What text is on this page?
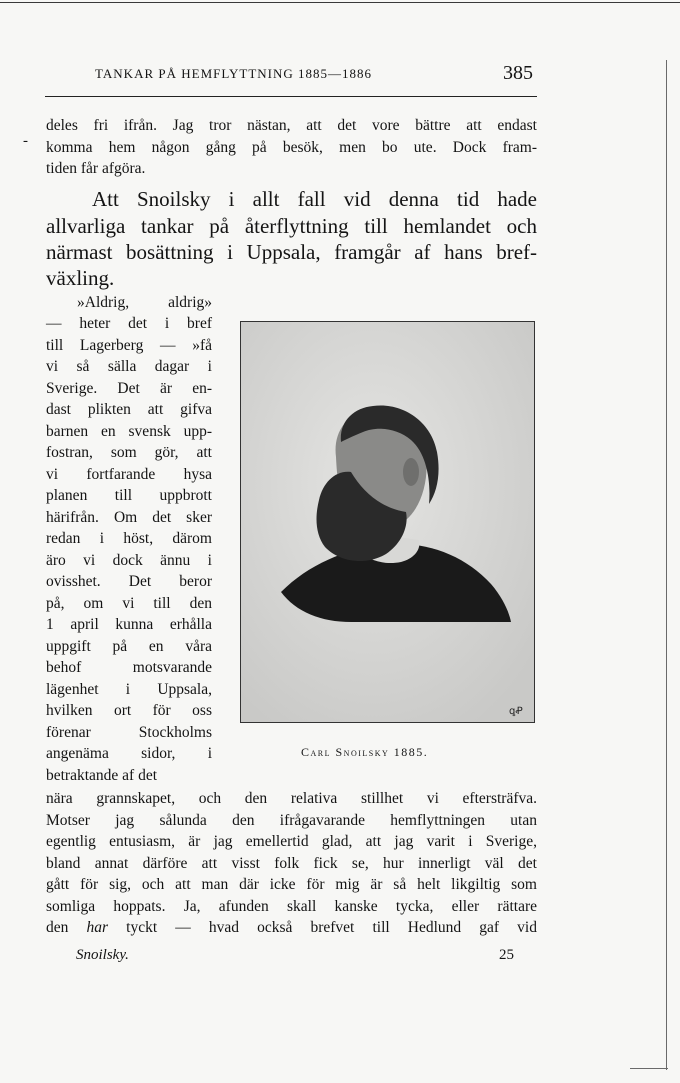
TANKAR PÅ HEMFLYTTNING 1885—1886	385
-
deles fri ifrån. Jag tror nästan, att det vore bättre att endast
komma hem någon gång på besök, men bo ute. Dock fram-
tiden får afgöra.
Att Snoilsky i allt fall vid denna tid hade
allvarliga tankar på återflyttning till hemlandet och
närmast bosättning i Uppsala, framgår af hans bref-
växling.
»Aldrig, aldrig»
— heter det i bref
till Lagerberg — »få
vi så sälla dagar i
Sverige. Det är en-
dast plikten att gifva
barnen en svensk upp-
fostran, som gör, att
vi fortfarande hysa
planen till uppbrott
härifrån. Om det sker
redan i höst, därom
äro vi dock ännu i
ovisshet. Det beror
på, om vi till den
1 april kunna erhålla
uppgift på en våra
behof motsvarande
lägenhet i Uppsala,
hvilken ort för oss
förenar Stockholms
angenäma sidor, i
betraktande af det
ꝗꝒ
Carl Snoilsky 1885.
nära grannskapet, och den relativa stillhet vi eftersträfva.
Motser jag sålunda den ifrågavarande hemflyttningen utan
egentlig entusiasm, är jag emellertid glad, att jag varit i Sverige,
bland annat därföre att visst folk fick se, hur innerligt väl det
gått för sig, och att man där icke för mig är så helt likgiltig som
somliga hoppats. Ja, afunden skall kanske tycka, eller rättare
den har tyckt — hvad också brefvet till Hedlund gaf vid
Snoilsky.	25
